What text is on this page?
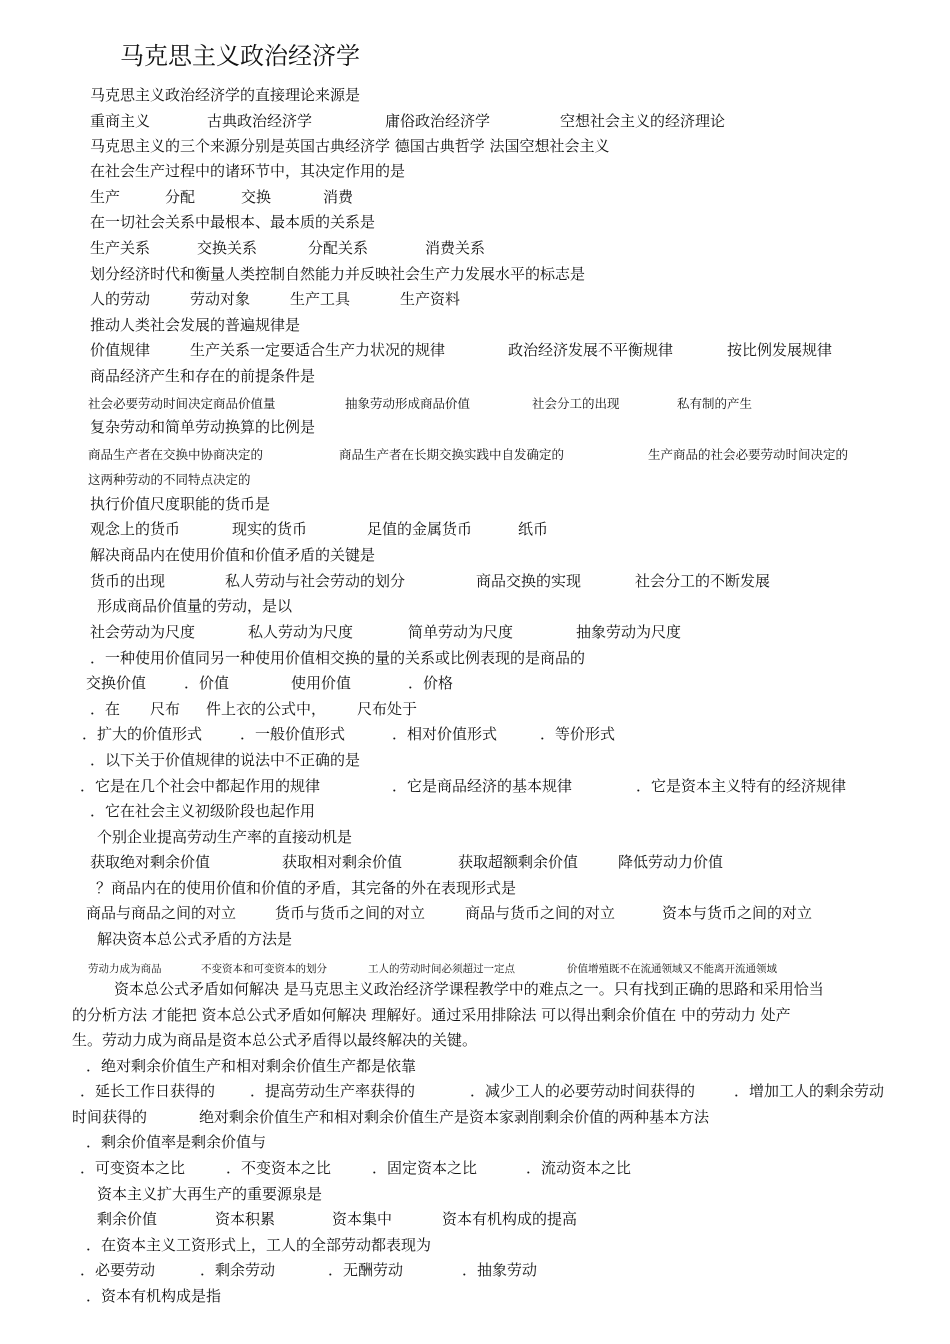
马克思主义政治经济学
马克思主义政治经济学的直接理论来源是
重商主义	古典政治经济学	庸俗政治经济学	空想社会主义的经济理论
马克思主义的三个来源分别是英国古典经济学 德国古典哲学 法国空想社会主义
在社会生产过程中的诸环节中，其决定作用的是
生产	分配	交换	消费
在一切社会关系中最根本、最本质的关系是
生产关系	交换关系	分配关系	消费关系
划分经济时代和衡量人类控制自然能力并反映社会生产力发展水平的标志是
人的劳动	劳动对象	生产工具	生产资料
推动人类社会发展的普遍规律是
价值规律	生产关系一定要适合生产力状况的规律	政治经济发展不平衡规律	按比例发展规律
商品经济产生和存在的前提条件是
社会必要劳动时间决定商品价值量	抽象劳动形成商品价值	社会分工的出现	私有制的产生
复杂劳动和简单劳动换算的比例是
商品生产者在交换中协商决定的	商品生产者在长期交换实践中自发确定的	生产商品的社会必要劳动时间决定的
这两种劳动的不同特点决定的
执行价值尺度职能的货币是
观念上的货币	现实的货币	足值的金属货币	纸币
解决商品内在使用价值和价值矛盾的关键是
货币的出现	私人劳动与社会劳动的划分	商品交换的实现	社会分工的不断发展
形成商品价值量的劳动，是以
社会劳动为尺度	私人劳动为尺度	简单劳动为尺度	抽象劳动为尺度
．一种使用价值同另一种使用价值相交换的量的关系或比例表现的是商品的
交换价值	．价值	使用价值	．价格
．在 尺布 件上衣的公式中， 尺布处于
．扩大的价值形式	．一般价值形式	．相对价值形式	．等价形式
．以下关于价值规律的说法中不正确的是
．它是在几个社会中都起作用的规律	．它是商品经济的基本规律	．它是资本主义特有的经济规律
．它在社会主义初级阶段也起作用
个别企业提高劳动生产率的直接动机是
获取绝对剩余价值	获取相对剩余价值	获取超额剩余价值	降低劳动力价值
？商品内在的使用价值和价值的矛盾，其完备的外在表现形式是
商品与商品之间的对立	货币与货币之间的对立	商品与货币之间的对立	资本与货币之间的对立
解决资本总公式矛盾的方法是
劳动力成为商品	不变资本和可变资本的划分	工人的劳动时间必须超过一定点	价值增殖既不在流通领域又不能离开流通领域
资本总公式矛盾如何解决 是马克思主义政治经济学课程教学中的难点之一。只有找到正确的思路和采用恰当
的分析方法 才能把 资本总公式矛盾如何解决 理解好。通过采用排除法 可以得出剩余价值在 中的劳动力 处产
生。劳动力成为商品是资本总公式矛盾得以最终解决的关键。
．绝对剩余价值生产和相对剩余价值生产都是依靠
．延长工作日获得的 ．提高劳动生产率获得的	．减少工人的必要劳动时间获得的	．增加工人的剩余劳动
时间获得的	绝对剩余价值生产和相对剩余价值生产是资本家剥削剩余价值的两种基本方法
．剩余价值率是剩余价值与
．可变资本之比	．不变资本之比	．固定资本之比	．流动资本之比
资本主义扩大再生产的重要源泉是
剩余价值	资本积累	资本集中	资本有机构成的提高
．在资本主义工资形式上，工人的全部劳动都表现为
．必要劳动	．剩余劳动	．无酬劳动	．抽象劳动
．资本有机构成是指
